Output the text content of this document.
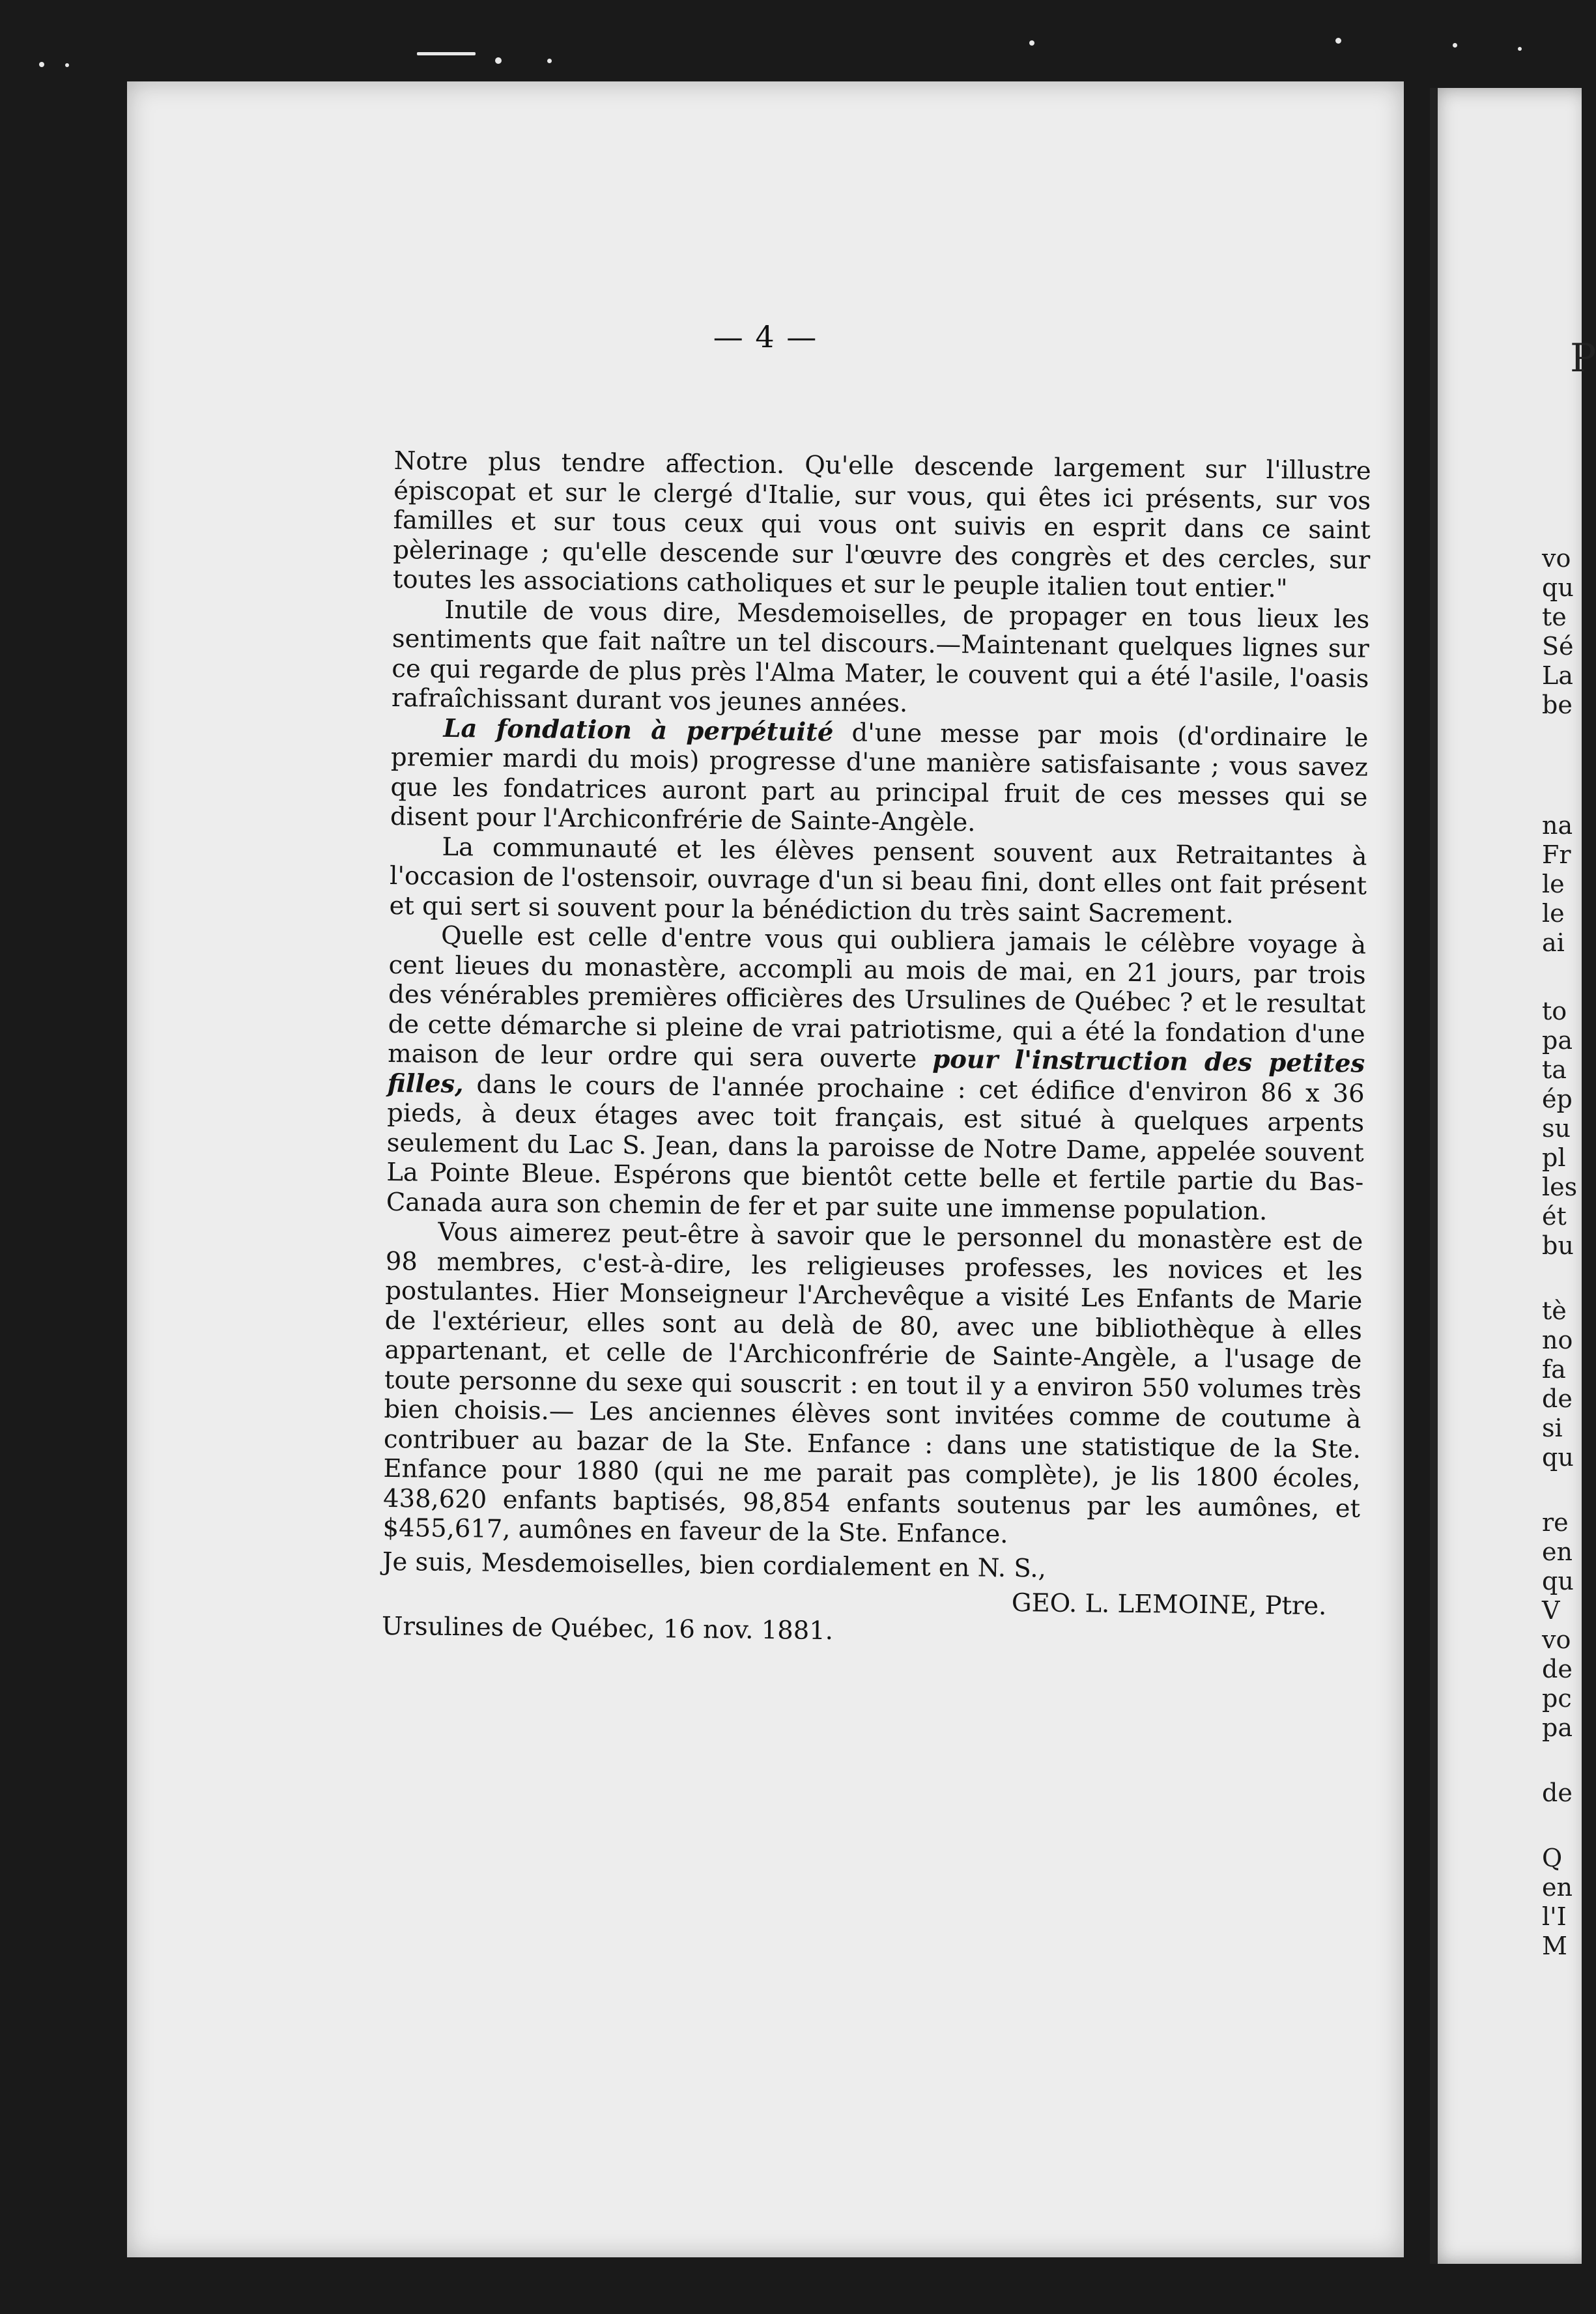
— 4 —

Notre plus tendre affection. Qu'elle descende largement sur l'illustre épiscopat et sur le clergé d'Italie, sur vous, qui êtes ici présents, sur vos familles et sur tous ceux qui vous ont suivis en esprit dans ce saint pèlerinage ; qu'elle descende sur l'œuvre des congrès et des cercles, sur toutes les associations catholiques et sur le peuple italien tout entier."

Inutile de vous dire, Mesdemoiselles, de propager en tous lieux les sentiments que fait naître un tel discours.—Maintenant quelques lignes sur ce qui regarde de plus près l'Alma Mater, le couvent qui a été l'asile, l'oasis rafraîchissant durant vos jeunes années.

La fondation à perpétuité d'une messe par mois (d'ordinaire le premier mardi du mois) progresse d'une manière satisfaisante ; vous savez que les fondatrices auront part au principal fruit de ces messes qui se disent pour l'Archiconfrérie de Sainte-Angèle.

La communauté et les élèves pensent souvent aux Retraitantes à l'occasion de l'ostensoir, ouvrage d'un si beau fini, dont elles ont fait présent et qui sert si souvent pour la bénédiction du très saint Sacrement.

Quelle est celle d'entre vous qui oubliera jamais le célèbre voyage à cent lieues du monastère, accompli au mois de mai, en 21 jours, par trois des vénérables premières officières des Ursulines de Québec ? et le resultat de cette démarche si pleine de vrai patriotisme, qui a été la fondation d'une maison de leur ordre qui sera ouverte pour l'instruction des petites filles, dans le cours de l'année prochaine : cet édifice d'environ 86 x 36 pieds, à deux étages avec toit français, est situé à quelques arpents seulement du Lac S. Jean, dans la paroisse de Notre Dame, appelée souvent La Pointe Bleue. Espérons que bientôt cette belle et fertile partie du Bas-Canada aura son chemin de fer et par suite une immense population.

Vous aimerez peut-être à savoir que le personnel du monastère est de 98 membres, c'est-à-dire, les religieuses professes, les novices et les postulantes. Hier Monseigneur l'Archevêque a visité Les Enfants de Marie de l'extérieur, elles sont au delà de 80, avec une bibliothèque à elles appartenant, et celle de l'Archiconfrérie de Sainte-Angèle, a l'usage de toute personne du sexe qui souscrit : en tout il y a environ 550 volumes très bien choisis.— Les anciennes élèves sont invitées comme de coutume à contribuer au bazar de la Ste. Enfance : dans une statistique de la Ste. Enfance pour 1880 (qui ne me parait pas complète), je lis 1800 écoles, 438,620 enfants baptisés, 98,854 enfants soutenus par les aumônes, et $455,617, aumônes en faveur de la Ste. Enfance.

Je suis, Mesdemoiselles, bien cordialement en N. S.,

GEO. L. LEMOINE, Ptre.

Ursulines de Québec, 16 nov. 1881.

P
vo
qu
te
Sé
La
be
na
Fr
le
le
ai
to
pa
ta
ép
su
pl
les
ét
bu
tè
no
fa
de
si
qu
re
en
qu
V
vo
de
pc
pa
de
Q
en
l'I
M
